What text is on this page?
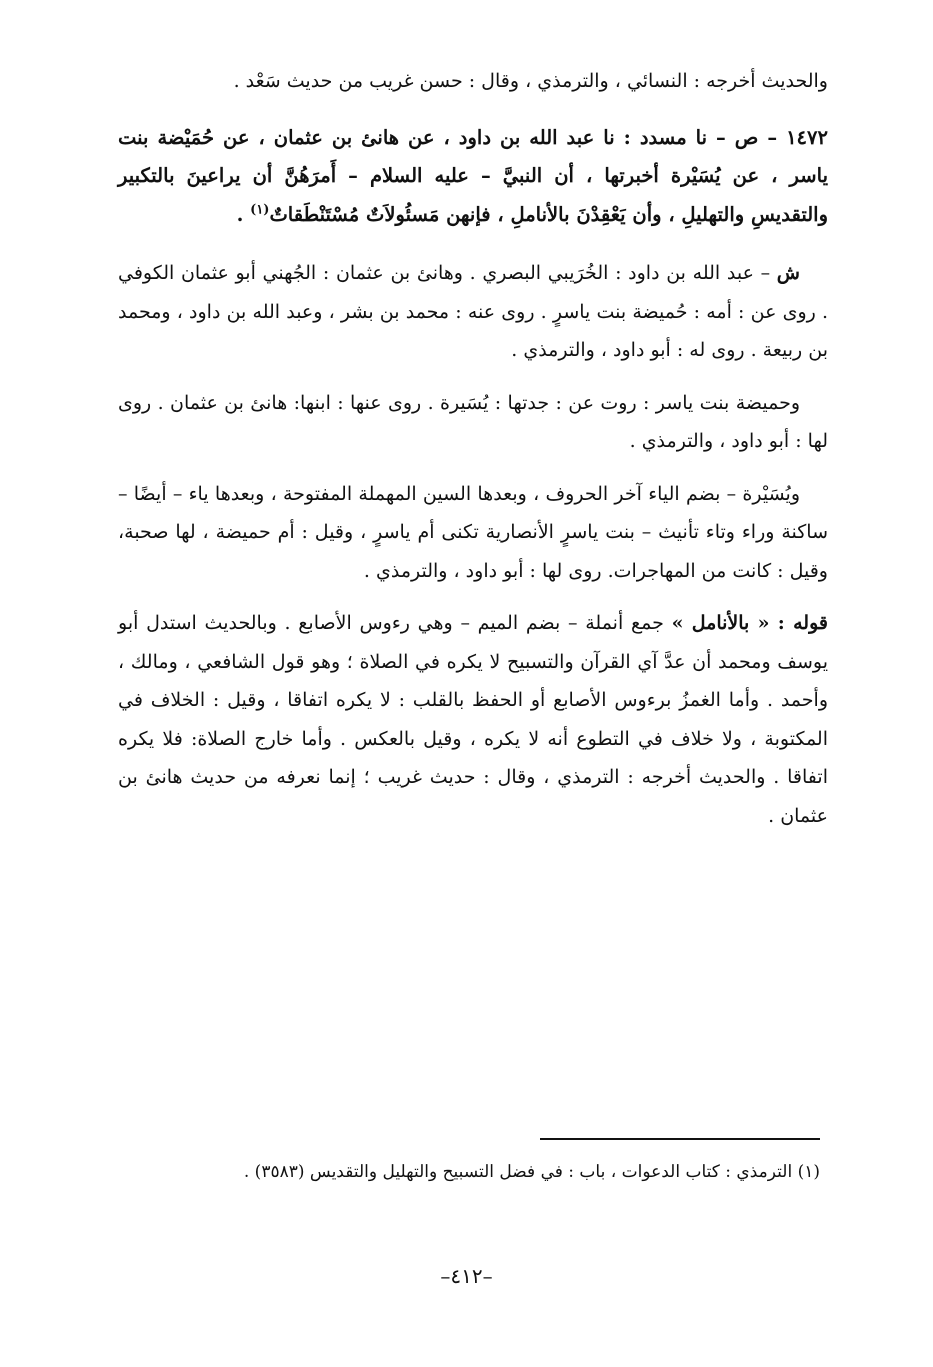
والحديث أخرجه : النسائي ، والترمذي ، وقال : حسن غريب من حديث سَعْد .

١٤٧٢ – ص – نا مسدد : نا عبد الله بن داود ، عن هانئ بن عثمان ، عن حُمَيْضة بنت ياسر ، عن يُسَيْرة أخبرتها ، أن النبيَّ – عليه السلام – أَمرَهُنَّ أن يراعينَ بالتكبير والتقديسِ والتهليلِ ، وأن يَعْقِدْنَ بالأناملِ ، فإنهن مَسئُولاَتٌ مُسْتَنْطَقاتٌ$^{(١)}$ .

ش – عبد الله بن داود : الخُرَيبي البصري . وهانئ بن عثمان : الجُهني أبو عثمان الكوفي . روى عن : أمه : حُميضة بنت ياسرٍ . روى عنه : محمد بن بشر ، وعبد الله بن داود ، ومحمد بن ربيعة . روى له : أبو داود ، والترمذي .

وحميضة بنت ياسر : روت عن : جدتها : يُسَيرة . روى عنها : ابنها: هانئ بن عثمان . روى لها : أبو داود ، والترمذي .

ويُسَيْرة – بضم الياء آخر الحروف ، وبعدها السين المهملة المفتوحة ، وبعدها ياء – أيضًا – ساكنة وراء وتاء تأنيث – بنت ياسرٍ الأنصارية تكنى أم ياسرٍ ، وقيل : أم حميضة ، لها صحبة، وقيل : كانت من المهاجرات. روى لها : أبو داود ، والترمذي .

قوله : « بالأنامل » جمع أنملة – بضم الميم – وهي رءوس الأصابع . وبالحديث استدل أبو يوسف ومحمد أن عدَّ آي القرآن والتسبيح لا يكره في الصلاة ؛ وهو قول الشافعي ، ومالك ، وأحمد . وأما الغمزُ برءوس الأصابع أو الحفظ بالقلب : لا يكره اتفاقا ، وقيل : الخلاف في المكتوبة ، ولا خلاف في التطوع أنه لا يكره ، وقيل بالعكس . وأما خارج الصلاة: فلا يكره اتفاقا . والحديث أخرجه : الترمذي ، وقال : حديث غريب ؛ إنما نعرفه من حديث هانئ بن عثمان .

(١) الترمذي : كتاب الدعوات ، باب : في فضل التسبيح والتهليل والتقديس (٣٥٨٣) .
–٤١٢–
